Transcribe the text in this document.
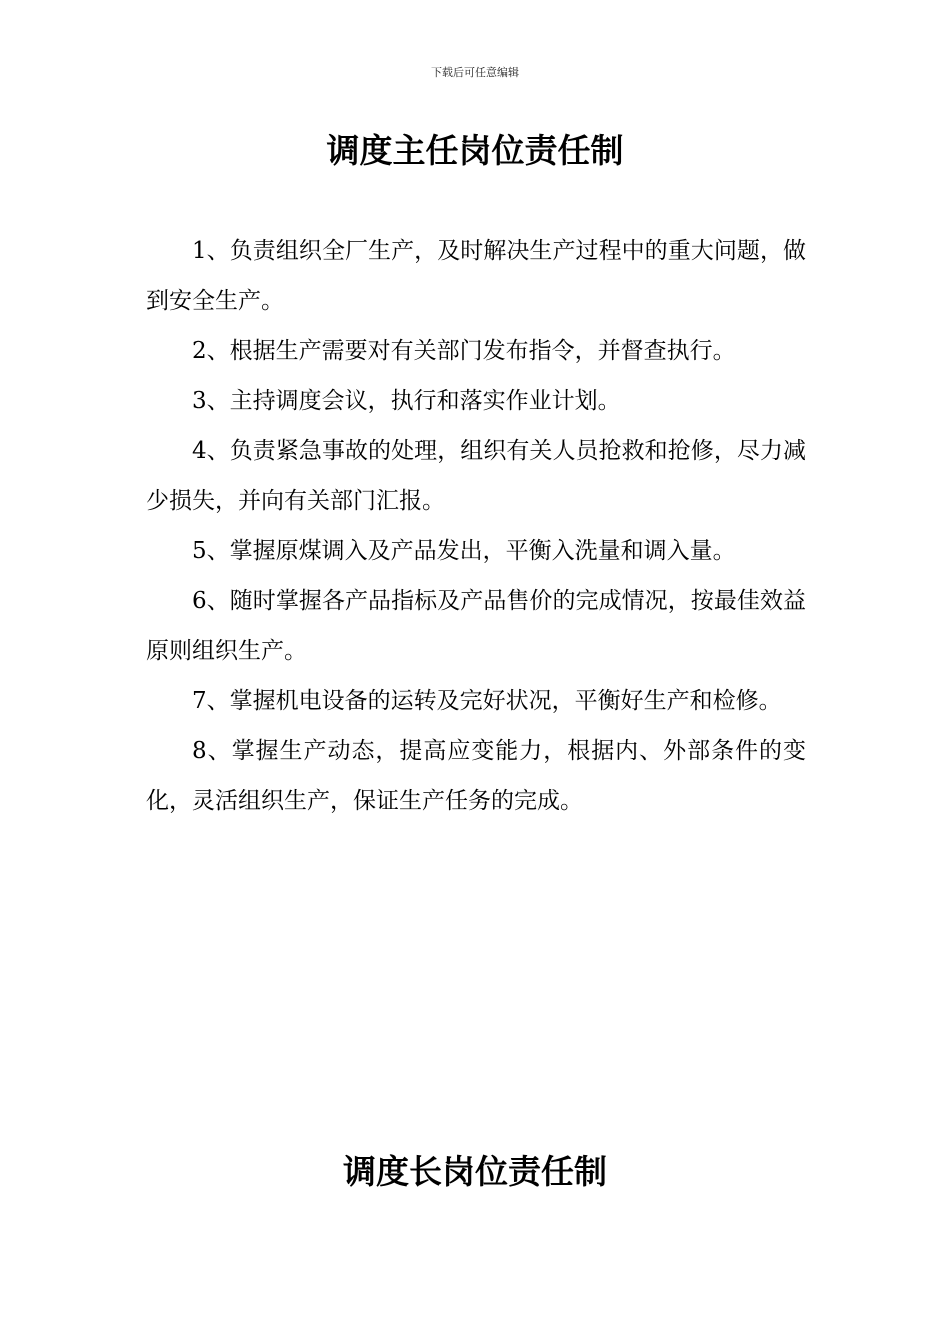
下载后可任意编辑
调度主任岗位责任制

1、负责组织全厂生产，及时解决生产过程中的重大问题，做到安全生产。

2、根据生产需要对有关部门发布指令，并督查执行。

3、主持调度会议，执行和落实作业计划。

4、负责紧急事故的处理，组织有关人员抢救和抢修，尽力减少损失，并向有关部门汇报。

5、掌握原煤调入及产品发出，平衡入洗量和调入量。

6、随时掌握各产品指标及产品售价的完成情况，按最佳效益原则组织生产。

7、掌握机电设备的运转及完好状况，平衡好生产和检修。

8、掌握生产动态，提高应变能力，根据内、外部条件的变化，灵活组织生产，保证生产任务的完成。

调度长岗位责任制
